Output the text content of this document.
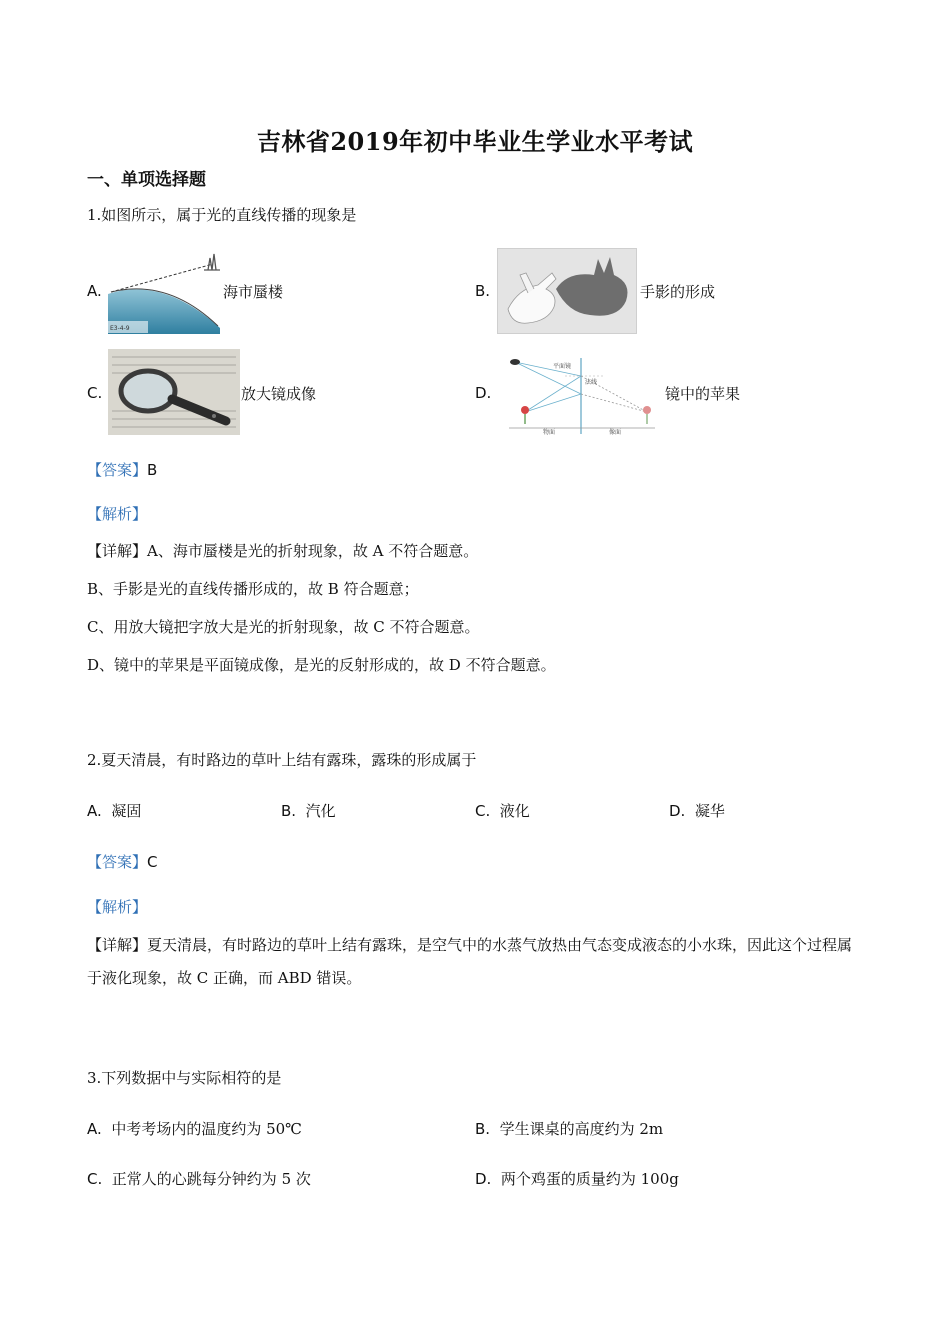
吉林省2019年初中毕业生学业水平考试
一、单项选择题
1.如图所示，属于光的直线传播的现象是
A.
E3-4-9
海市蜃楼	B.	手影的形成
C.	放大镜成像	D.
平面镜
法线
物面	像面
镜中的苹果
【答案】B
【解析】
【详解】A、海市蜃楼是光的折射现象，故 A 不符合题意。
B、手影是光的直线传播形成的，故 B 符合题意；
C、用放大镜把字放大是光的折射现象，故 C 不符合题意。
D、镜中的苹果是平面镜成像，是光的反射形成的，故 D 不符合题意。
2.夏天清晨，有时路边的草叶上结有露珠，露珠的形成属于
A. 凝固	B. 汽化	C. 液化	D. 凝华
【答案】C
【解析】
【详解】夏天清晨，有时路边的草叶上结有露珠，是空气中的水蒸气放热由气态变成液态的小水珠，因此这个过程属于液化现象，故 C 正确，而 ABD 错误。
3.下列数据中与实际相符的是
A. 中考考场内的温度约为 50℃	B. 学生课桌的高度约为 2m
C. 正常人的心跳每分钟约为 5 次	D. 两个鸡蛋的质量约为 100g
